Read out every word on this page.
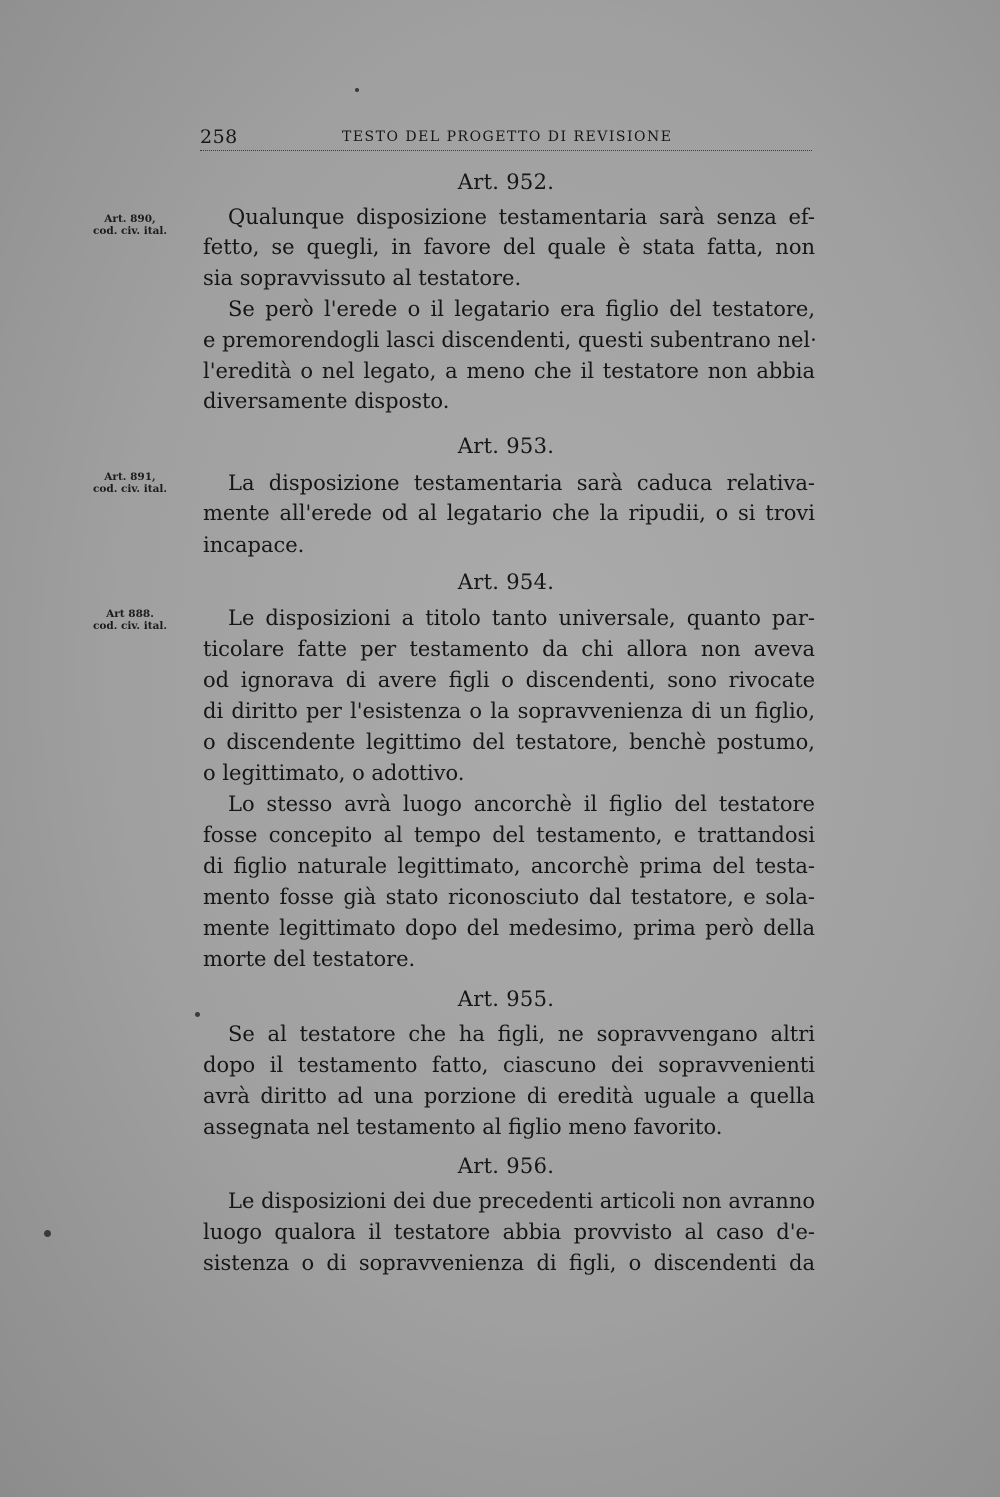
258	TESTO DEL PROGETTO DI REVISIONE
Art. 952.
Art. 890,
cod. civ. ital.
Qualunque disposizione testamentaria sarà senza ef-
fetto, se quegli, in favore del quale è stata fatta, non
sia sopravvissuto al testatore.
Se però l'erede o il legatario era figlio del testatore,
e premorendogli lasci discendenti, questi subentrano nel·
l'eredità o nel legato, a meno che il testatore non abbia
diversamente disposto.
Art. 953.
Art. 891,
cod. civ. ital.	La disposizione testamentaria sarà caduca relativa-
mente all'erede od al legatario che la ripudii, o si trovi
incapace.
Art. 954.
Art 888.
cod. civ. ital.	Le disposizioni a titolo tanto universale, quanto par-
ticolare fatte per testamento da chi allora non aveva
od ignorava di avere figli o discendenti, sono rivocate
di diritto per l'esistenza o la sopravvenienza di un figlio,
o discendente legittimo del testatore, benchè postumo,
o legittimato, o adottivo.
Lo stesso avrà luogo ancorchè il figlio del testatore
fosse concepito al tempo del testamento, e trattandosi
di figlio naturale legittimato, ancorchè prima del testa-
mento fosse già stato riconosciuto dal testatore, e sola-
mente legittimato dopo del medesimo, prima però della
morte del testatore.
Art. 955.
Se al testatore che ha figli, ne sopravvengano altri
dopo il testamento fatto, ciascuno dei sopravvenienti
avrà diritto ad una porzione di eredità uguale a quella
assegnata nel testamento al figlio meno favorito.
Art. 956.
Le disposizioni dei due precedenti articoli non avranno
luogo qualora il testatore abbia provvisto al caso d'e-
sistenza o di sopravvenienza di figli, o discendenti da
